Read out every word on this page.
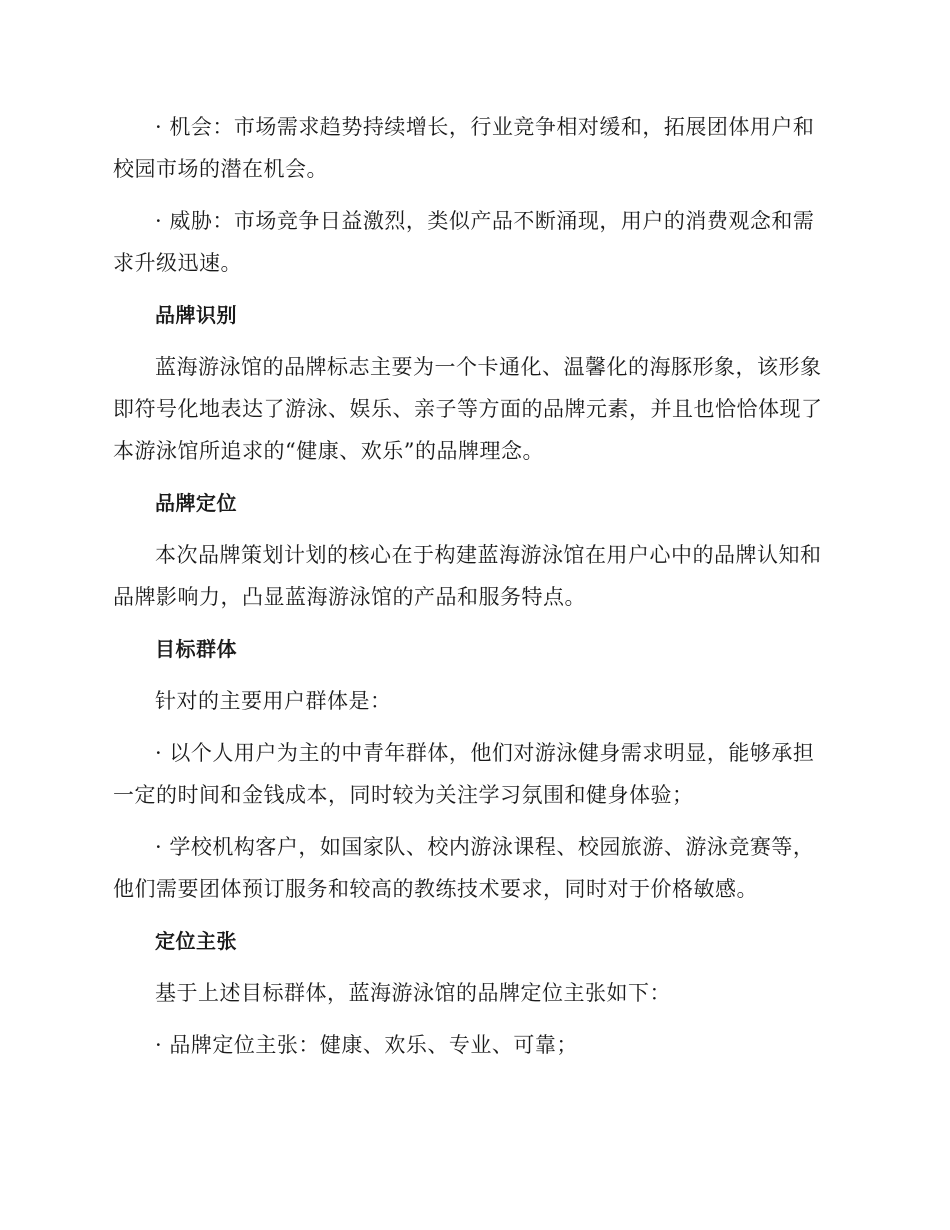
· 机会：市场需求趋势持续增长，行业竞争相对缓和，拓展团体用户和校园市场的潜在机会。

· 威胁：市场竞争日益激烈，类似产品不断涌现，用户的消费观念和需求升级迅速。

品牌识别

蓝海游泳馆的品牌标志主要为一个卡通化、温馨化的海豚形象，该形象即符号化地表达了游泳、娱乐、亲子等方面的品牌元素，并且也恰恰体现了本游泳馆所追求的“健康、欢乐”的品牌理念。

品牌定位

本次品牌策划计划的核心在于构建蓝海游泳馆在用户心中的品牌认知和品牌影响力，凸显蓝海游泳馆的产品和服务特点。

目标群体

针对的主要用户群体是：

· 以个人用户为主的中青年群体，他们对游泳健身需求明显，能够承担一定的时间和金钱成本，同时较为关注学习氛围和健身体验；

· 学校机构客户，如国家队、校内游泳课程、校园旅游、游泳竞赛等，他们需要团体预订服务和较高的教练技术要求，同时对于价格敏感。

定位主张

基于上述目标群体，蓝海游泳馆的品牌定位主张如下：

· 品牌定位主张：健康、欢乐、专业、可靠；
